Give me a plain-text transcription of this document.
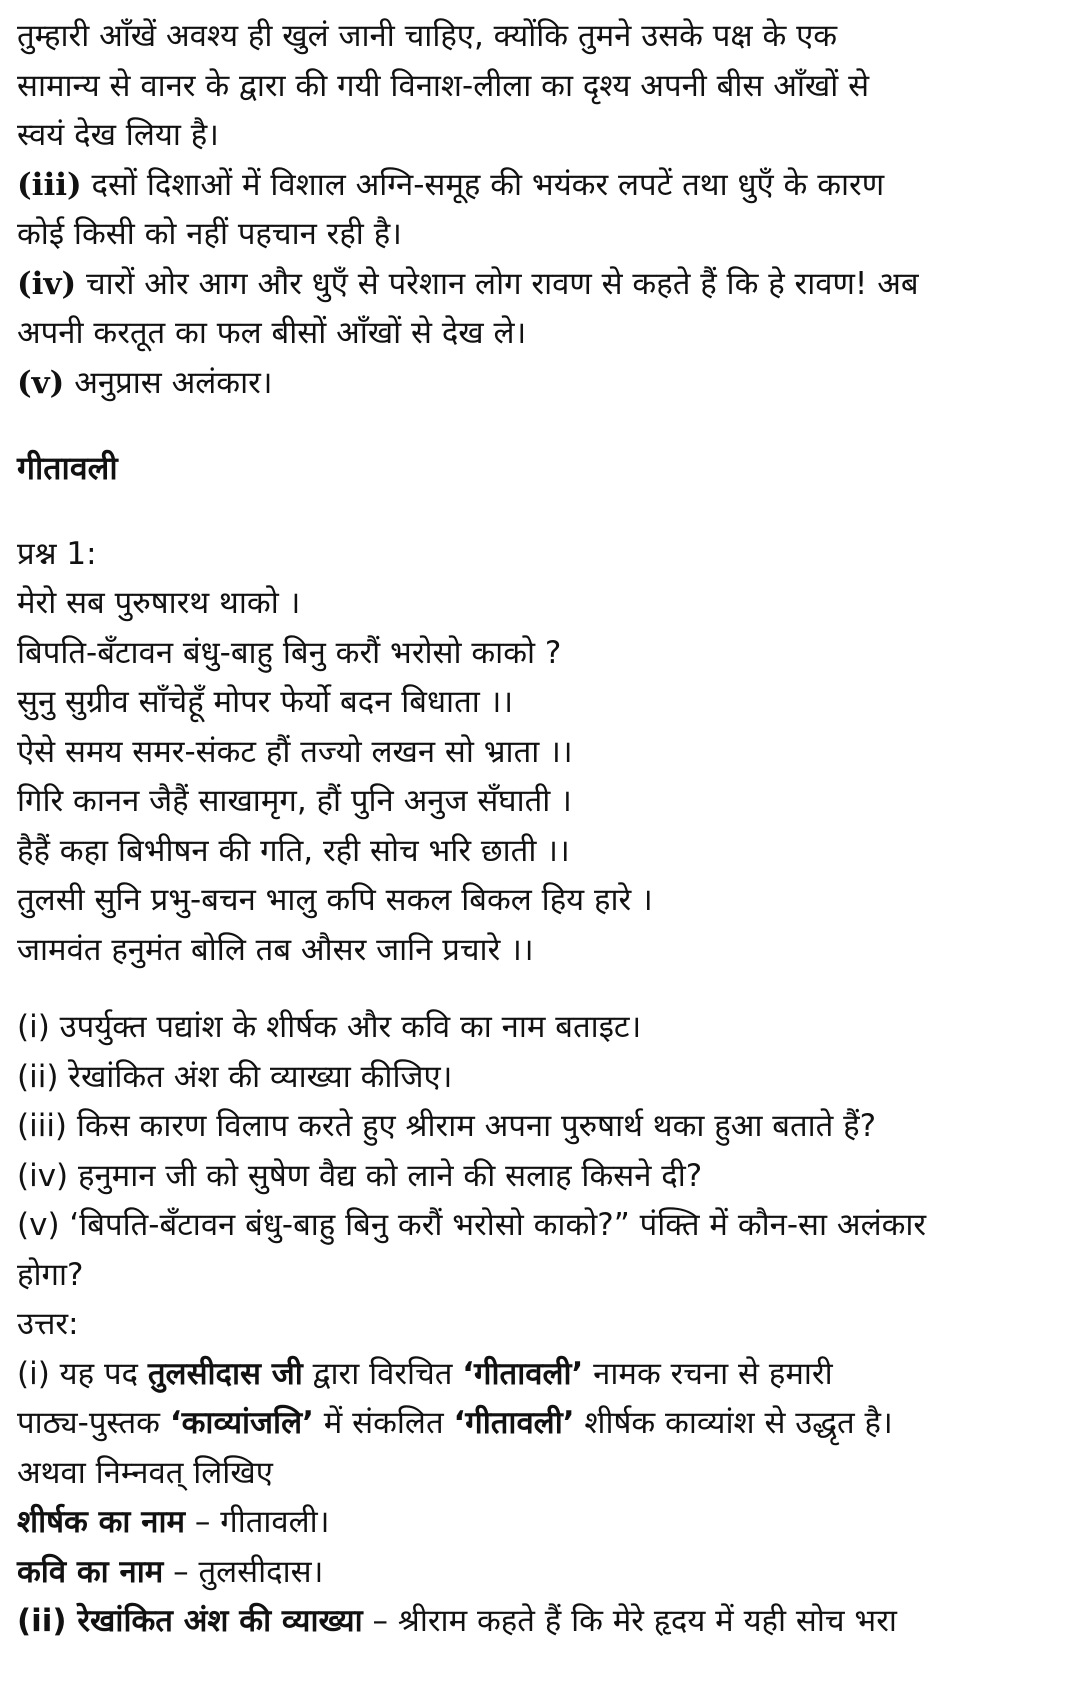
तुम्हारी आँखें अवश्य ही खुलं जानी चाहिए, क्योंकि तुमने उसके पक्ष के एक
सामान्य से वानर के द्वारा की गयी विनाश-लीला का दृश्य अपनी बीस आँखों से
स्वयं देख लिया है।
(iii) दसों दिशाओं में विशाल अग्नि-समूह की भयंकर लपटें तथा धुएँ के कारण
कोई किसी को नहीं पहचान रही है।
(iv) चारों ओर आग और धुएँ से परेशान लोग रावण से कहते हैं कि हे रावण! अब
अपनी करतूत का फल बीसों आँखों से देख ले।
(v) अनुप्रास अलंकार।
गीतावली
प्रश्न 1:
मेरो सब पुरुषारथ थाको ।
बिपति-बँटावन बंधु-बाहु बिनु करौं भरोसो काको ?
सुनु सुग्रीव साँचेहूँ मोपर फेर्यो बदन बिधाता ।।
ऐसे समय समर-संकट हौं तज्यो लखन सो भ्राता ।।
गिरि कानन जैहैं साखामृग, हौं पुनि अनुज सँघाती ।
हैहैं कहा बिभीषन की गति, रही सोच भरि छाती ।।
तुलसी सुनि प्रभु-बचन भालु कपि सकल बिकल हिय हारे ।
जामवंत हनुमंत बोलि तब औसर जानि प्रचारे ।।
(i) उपर्युक्त पद्यांश के शीर्षक और कवि का नाम बताइट।
(ii) रेखांकित अंश की व्याख्या कीजिए।
(iii) किस कारण विलाप करते हुए श्रीराम अपना पुरुषार्थ थका हुआ बताते हैं?
(iv) हनुमान जी को सुषेण वैद्य को लाने की सलाह किसने दी?
(v) ‘बिपति-बँटावन बंधु-बाहु बिनु करौं भरोसो काको?” पंक्ति में कौन-सा अलंकार
होगा?
उत्तर:
(i) यह पद तुलसीदास जी द्वारा विरचित ‘गीतावली’ नामक रचना से हमारी
पाठ्य-पुस्तक ‘काव्यांजलि’ में संकलित ‘गीतावली’ शीर्षक काव्यांश से उद्धृत है।
अथवा निम्नवत् लिखिए
शीर्षक का नाम – गीतावली।
कवि का नाम – तुलसीदास।
(ii) रेखांकित अंश की व्याख्या – श्रीराम कहते हैं कि मेरे हृदय में यही सोच भरा
